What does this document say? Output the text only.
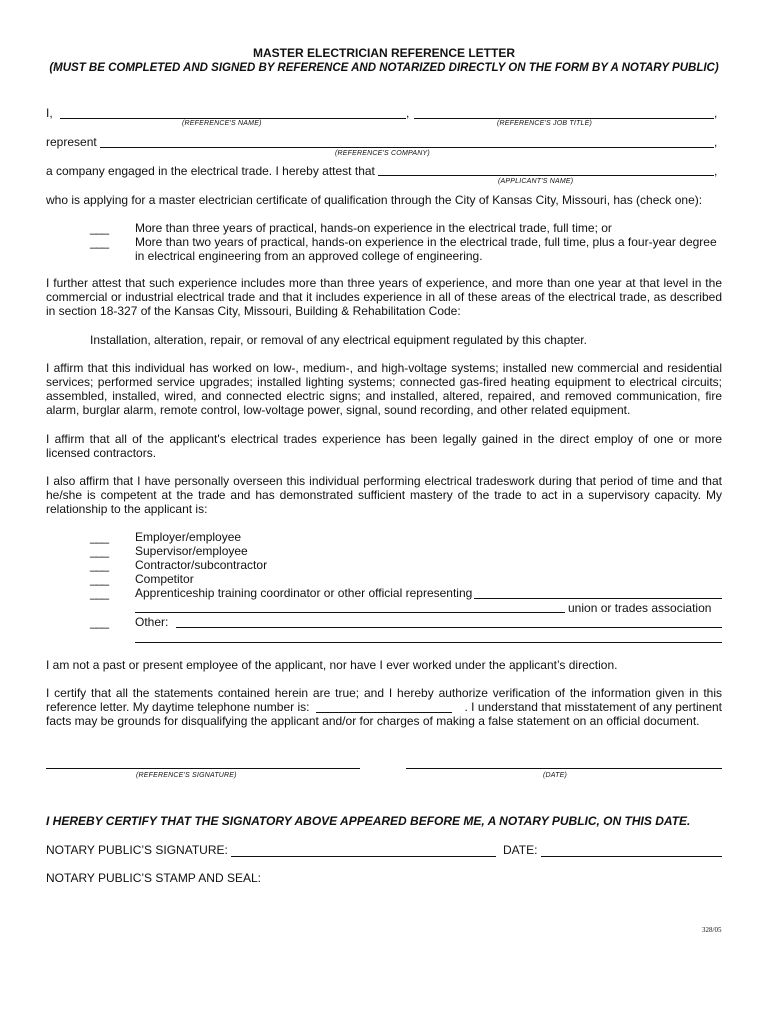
MASTER ELECTRICIAN REFERENCE LETTER
(MUST BE COMPLETED AND SIGNED BY REFERENCE AND NOTARIZED DIRECTLY ON THE FORM BY A NOTARY PUBLIC)
I,	,	,
(REFERENCE'S NAME)	(REFERENCE'S JOB TITLE)
represent	,
(REFERENCE'S COMPANY)
a company engaged in the electrical trade. I hereby attest that	,
(APPLICANT'S NAME)
who is applying for a master electrician certificate of qualification through the City of Kansas City, Missouri, has (check one):
___ More than three years of practical, hands-on experience in the electrical trade, full time; or
___ More than two years of practical, hands-on experience in the electrical trade, full time, plus a four-year degree
in electrical engineering from an approved college of engineering.
I further attest that such experience includes more than three years of experience, and more than one year at that level in the
commercial or industrial electrical trade and that it includes experience in all of these areas of the electrical trade, as described
in section 18-327 of the Kansas City, Missouri, Building & Rehabilitation Code:
Installation, alteration, repair, or removal of any electrical equipment regulated by this chapter.
I affirm that this individual has worked on low-, medium-, and high-voltage systems; installed new commercial and residential
services; performed service upgrades; installed lighting systems; connected gas-fired heating equipment to electrical circuits;
assembled, installed, wired, and connected electric signs; and installed, altered, repaired, and removed communication, fire
alarm, burglar alarm, remote control, low-voltage power, signal, sound recording, and other related equipment.
I affirm that all of the applicant's electrical trades experience has been legally gained in the direct employ of one or more
licensed contractors.
I also affirm that I have personally overseen this individual performing electrical tradeswork during that period of time and that
he/she is competent at the trade and has demonstrated sufficient mastery of the trade to act in a supervisory capacity. My
relationship to the applicant is:
___ Employer/employee
___ Supervisor/employee
___ Contractor/subcontractor
___ Competitor
___ Apprenticeship training coordinator or other official representing
union or trades association
___ Other:
I am not a past or present employee of the applicant, nor have I ever worked under the applicant’s direction.
I certify that all the statements contained herein are true; and I hereby authorize verification of the information given in this
reference letter. My daytime telephone number is:	. I understand that misstatement of any pertinent
facts may be grounds for disqualifying the applicant and/or for charges of making a false statement on an official document.
(REFERENCE'S SIGNATURE)	(DATE)
I HEREBY CERTIFY THAT THE SIGNATORY ABOVE APPEARED BEFORE ME, A NOTARY PUBLIC, ON THIS DATE.
NOTARY PUBLIC’S SIGNATURE:	DATE:
NOTARY PUBLIC’S STAMP AND SEAL:
328/05
